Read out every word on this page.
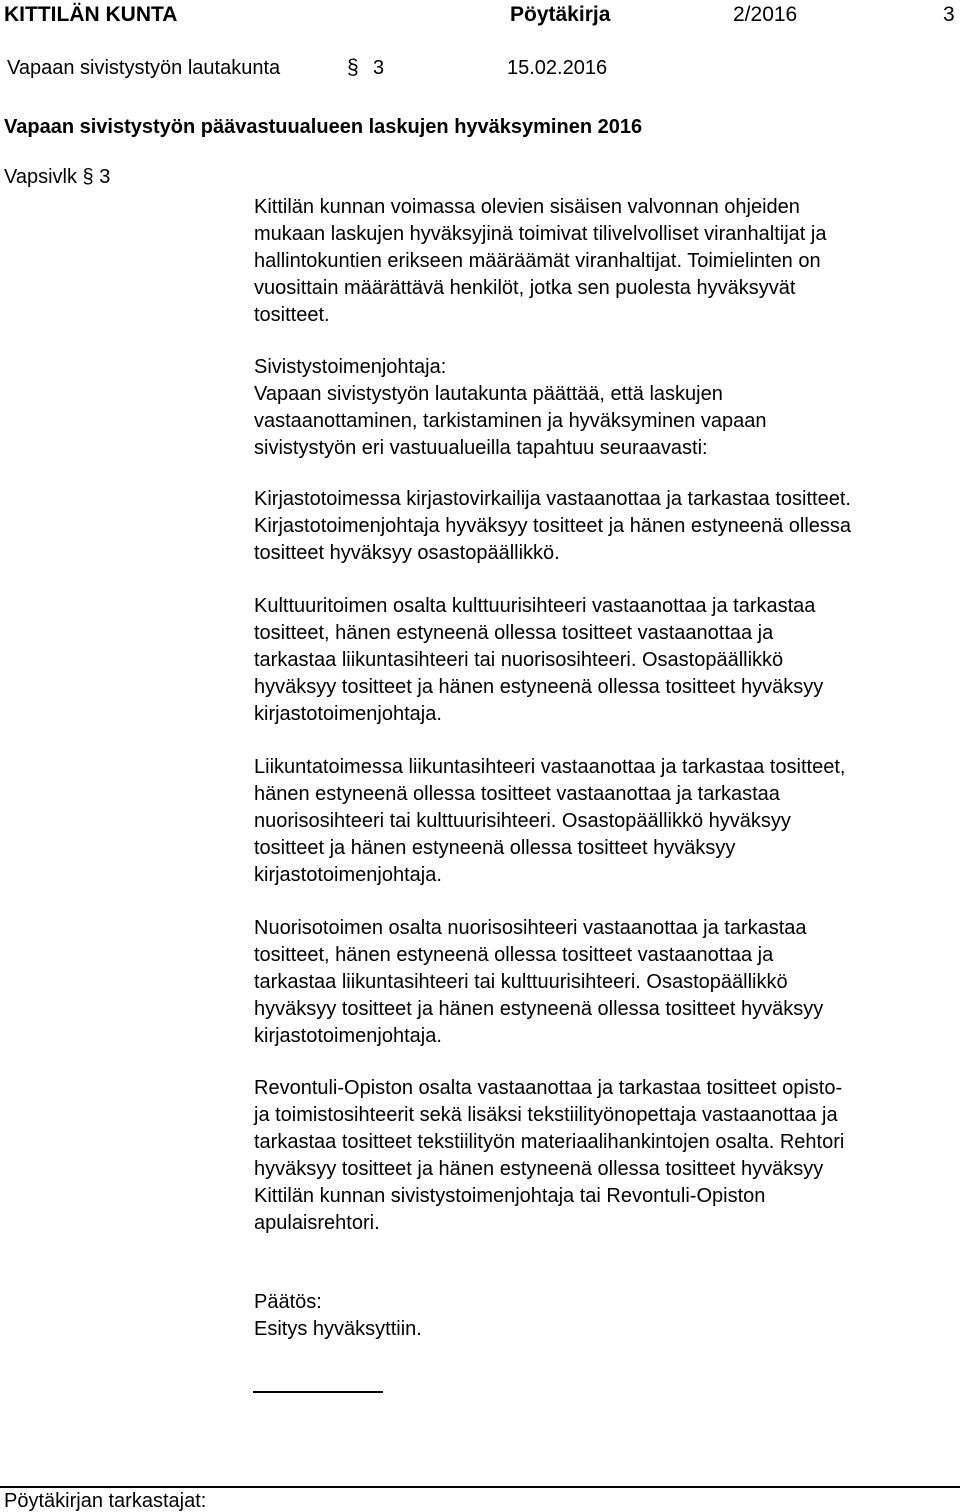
KITTILÄN KUNTA	Pöytäkirja	2/2016	3
Vapaan sivistystyön lautakunta	§ 3	15.02.2016
Vapaan sivistystyön päävastuualueen laskujen hyväksyminen 2016
Vapsivlk § 3
Kittilän kunnan voimassa olevien sisäisen valvonnan ohjeiden
mukaan laskujen hyväksyjinä toimivat tilivelvolliset viranhaltijat ja
hallintokuntien erikseen määräämät viranhaltijat. Toimielinten on
vuosittain määrättävä henkilöt, jotka sen puolesta hyväksyvät
tositteet.
Sivistystoimenjohtaja:
Vapaan sivistystyön lautakunta päättää, että laskujen
vastaanottaminen, tarkistaminen ja hyväksyminen vapaan
sivistystyön eri vastuualueilla tapahtuu seuraavasti:
Kirjastotoimessa kirjastovirkailija vastaanottaa ja tarkastaa tositteet.
Kirjastotoimenjohtaja hyväksyy tositteet ja hänen estyneenä ollessa
tositteet hyväksyy osastopäällikkö.
Kulttuuritoimen osalta kulttuurisihteeri vastaanottaa ja tarkastaa
tositteet, hänen estyneenä ollessa tositteet vastaanottaa ja
tarkastaa liikuntasihteeri tai nuorisosihteeri. Osastopäällikkö
hyväksyy tositteet ja hänen estyneenä ollessa tositteet hyväksyy
kirjastotoimenjohtaja.
Liikuntatoimessa liikuntasihteeri vastaanottaa ja tarkastaa tositteet,
hänen estyneenä ollessa tositteet vastaanottaa ja tarkastaa
nuorisosihteeri tai kulttuurisihteeri. Osastopäällikkö hyväksyy
tositteet ja hänen estyneenä ollessa tositteet hyväksyy
kirjastotoimenjohtaja.
Nuorisotoimen osalta nuorisosihteeri vastaanottaa ja tarkastaa
tositteet, hänen estyneenä ollessa tositteet vastaanottaa ja
tarkastaa liikuntasihteeri tai kulttuurisihteeri. Osastopäällikkö
hyväksyy tositteet ja hänen estyneenä ollessa tositteet hyväksyy
kirjastotoimenjohtaja.
Revontuli-Opiston osalta vastaanottaa ja tarkastaa tositteet opisto-
ja toimistosihteerit sekä lisäksi tekstiilityönopettaja vastaanottaa ja
tarkastaa tositteet tekstiilityön materiaalihankintojen osalta. Rehtori
hyväksyy tositteet ja hänen estyneenä ollessa tositteet hyväksyy
Kittilän kunnan sivistystoimenjohtaja tai Revontuli-Opiston
apulaisrehtori.
Päätös:
Esitys hyväksyttiin.
Pöytäkirjan tarkastajat:
